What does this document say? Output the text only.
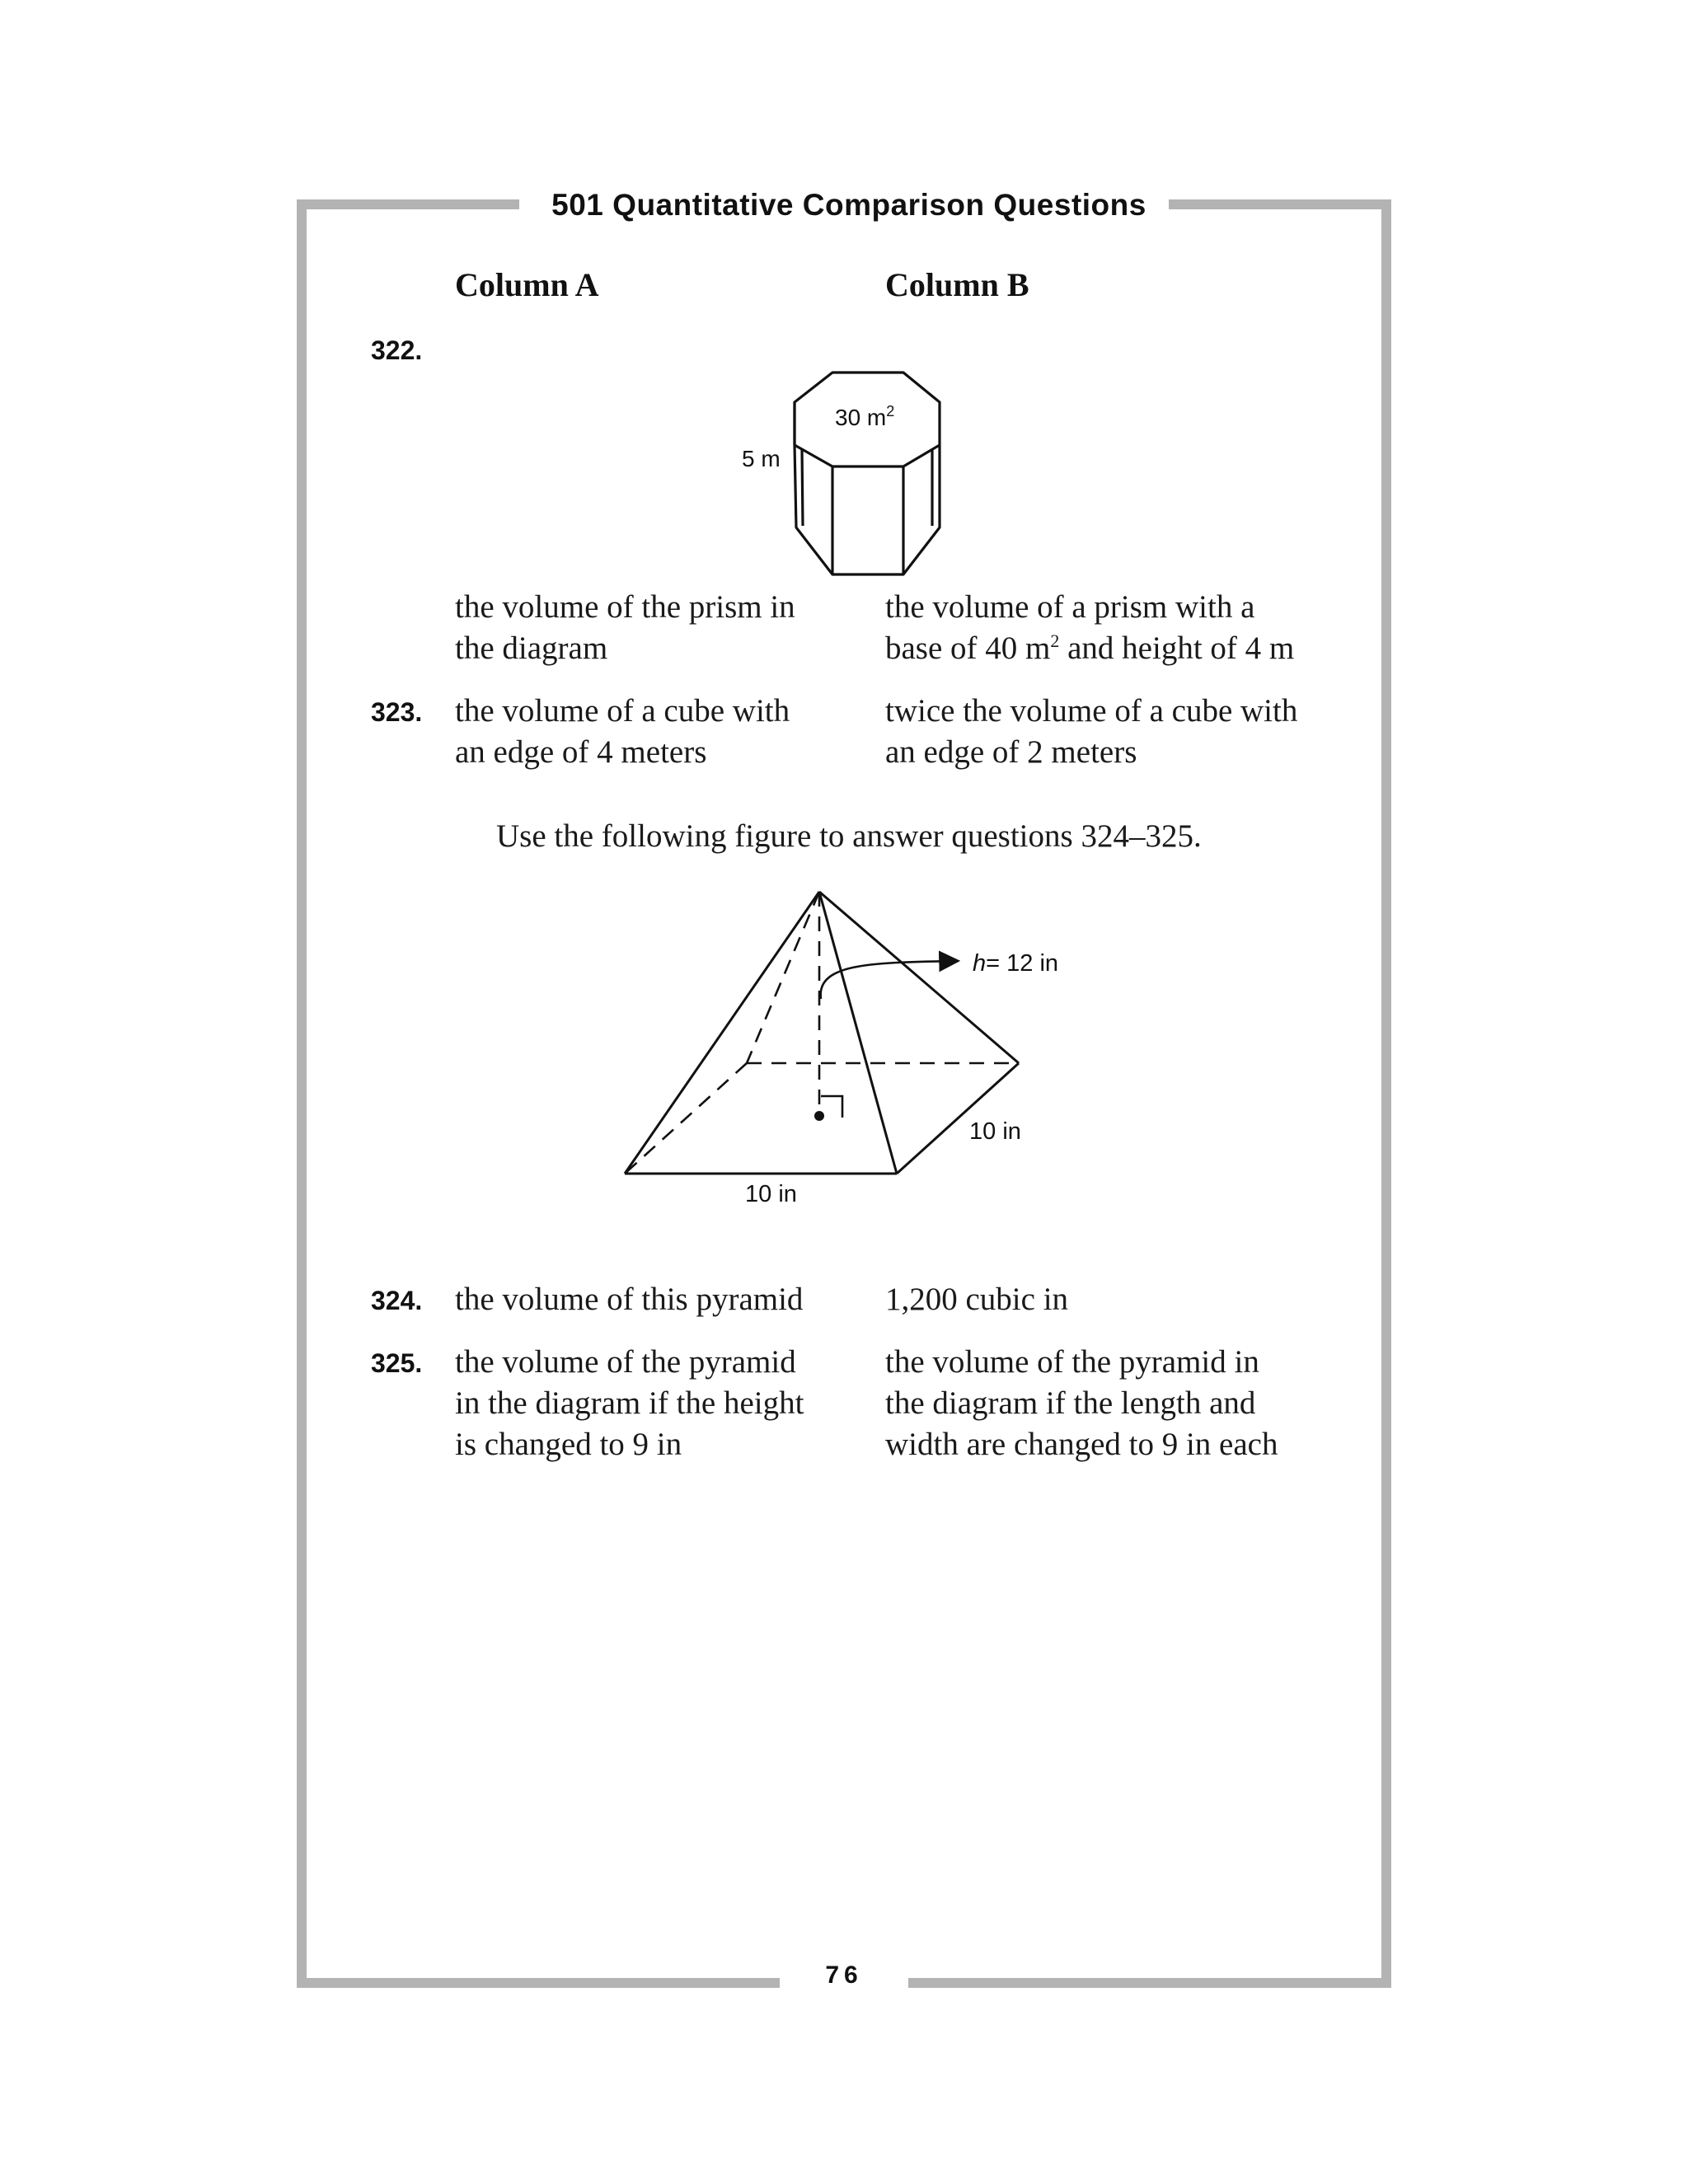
501 Quantitative Comparison Questions
Column A	Column B
322.
5 m
30 $m^2$
the volume of the prism in
the diagram
the volume of a prism with a
base of 40 $m^2$ and height of 4 m
323. the volume of a cube with
an edge of 4 meters
twice the volume of a cube with
an edge of 2 meters
Use the following figure to answer questions 324–325.
h= 12 in
10 in
10 in
324. the volume of this pyramid	1,200 cubic in
325. the volume of the pyramid
in the diagram if the height
is changed to 9 in
the volume of the pyramid in
the diagram if the length and
width are changed to 9 in each
76
